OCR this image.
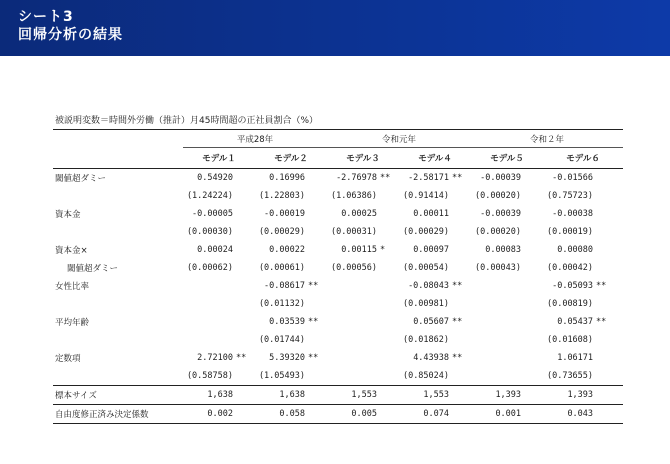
シート3
回帰分析の結果
被説明変数＝時間外労働（推計）月45時間超の正社員割合（%）
	平成28年				令和元年				令和２年			
	モデル１		モデル２		モデル３		モデル４		モデル５		モデル６	
閾値超ダミー	0.54920		0.16996		-2.76978	**	-2.58171	**	-0.00039		-0.01566	
	(1.24224)		(1.22803)		(1.06386)		(0.91414)		(0.00020)		(0.75723)	
資本金	-0.00005		-0.00019		0.00025		0.00011		-0.00039		-0.00038	
	(0.00030)		(0.00029)		(0.00031)		(0.00029)		(0.00020)		(0.00019)	
資本金×	0.00024		0.00022		0.00115	*	0.00097		0.00083		0.00080	
閾値超ダミー	(0.00062)		(0.00061)		(0.00056)		(0.00054)		(0.00043)		(0.00042)	
女性比率			-0.08617	**			-0.08043	**			-0.05093	**
			(0.01132)				(0.00981)				(0.00819)	
平均年齢			0.03539	**			0.05607	**			0.05437	**
			(0.01744)				(0.01862)				(0.01608)	
定数項	2.72100	**	5.39320	**			4.43938	**			1.06171	
	(0.58758)		(1.05493)				(0.85024)				(0.73655)	
標本サイズ	1,638		1,638		1,553		1,553		1,393		1,393	
自由度修正済み決定係数	0.002		0.058		0.005		0.074		0.001		0.043	
